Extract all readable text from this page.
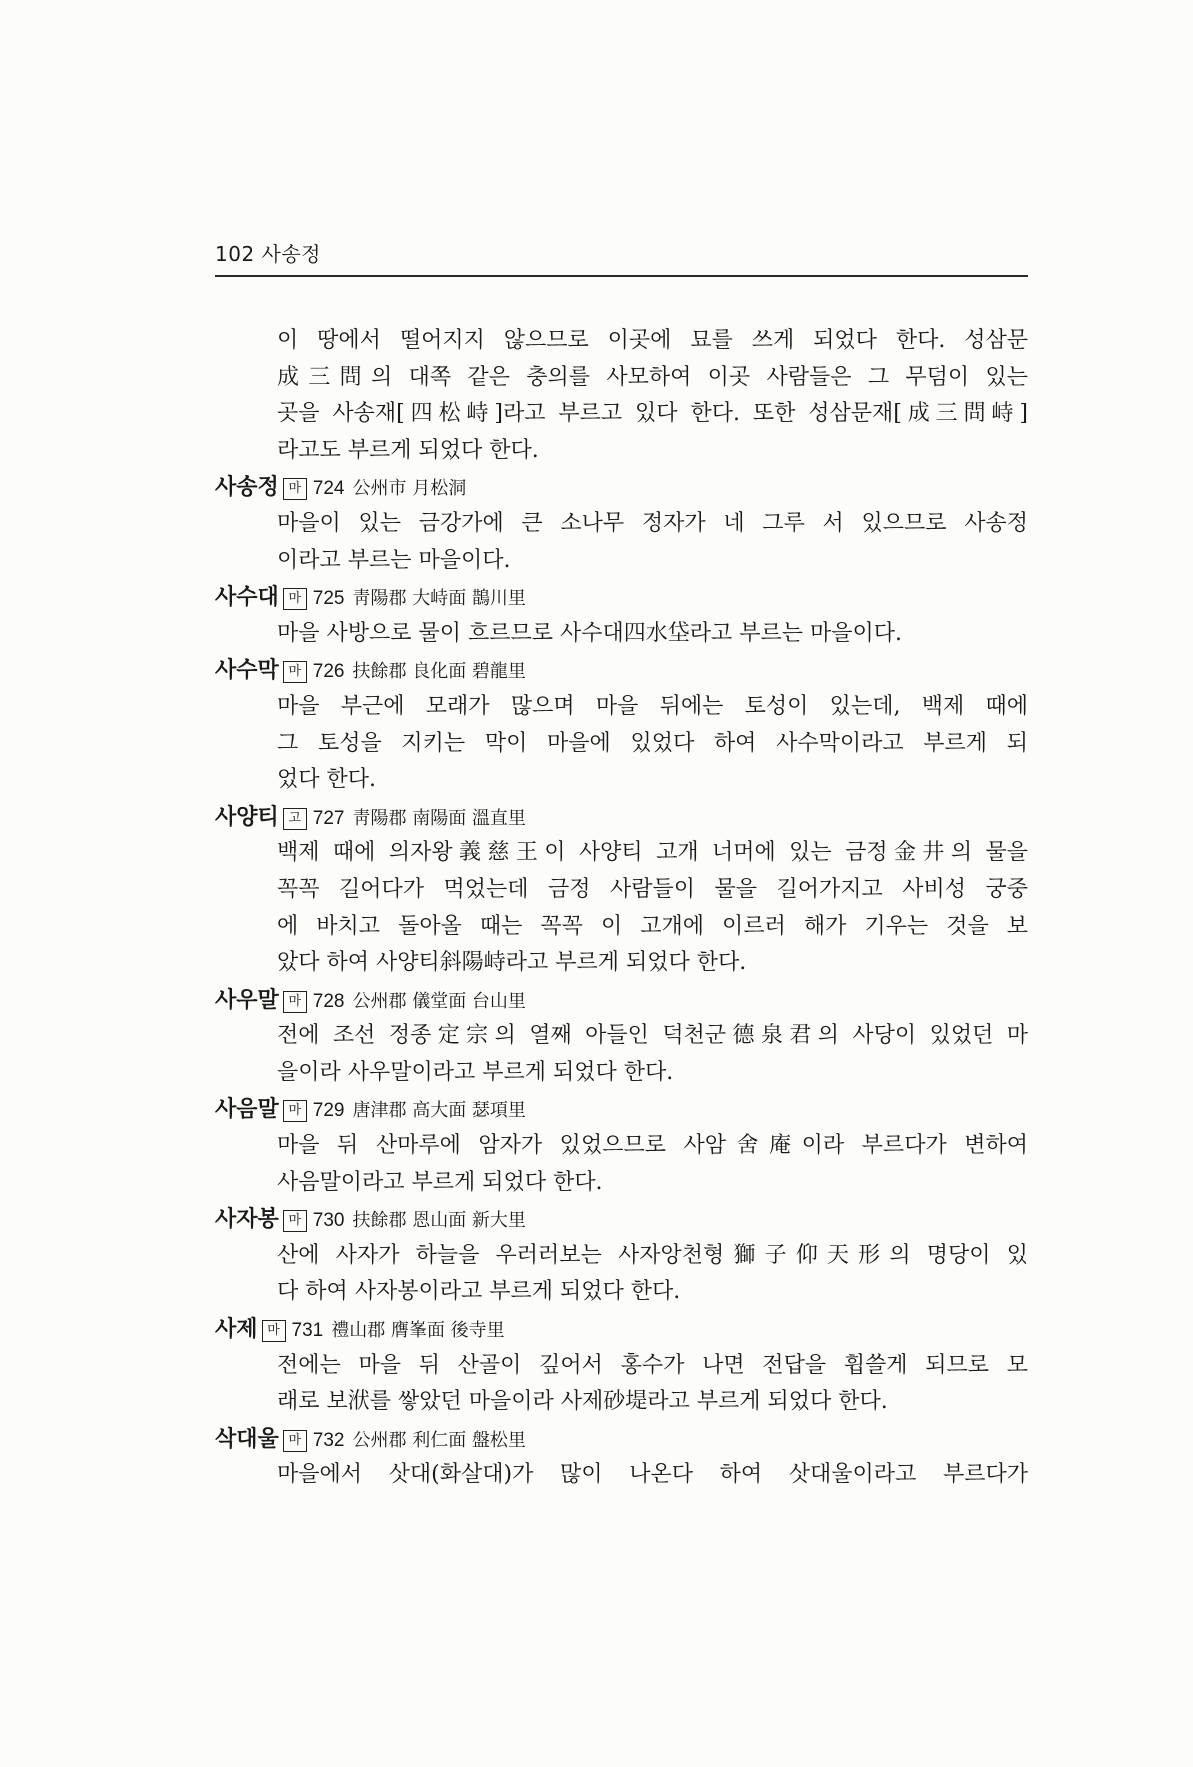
102 사송정
이 땅에서 떨어지지 않으므로 이곳에 묘를 쓰게 되었다 한다. 성삼문
成三問의 대쪽 같은 충의를 사모하여 이곳 사람들은 그 무덤이 있는
곳을 사송재[四松峙]라고 부르고 있다 한다. 또한 성삼문재[成三問峙]
라고도 부르게 되었다 한다.
사송정 마 724 公州市 月松洞
마을이 있는 금강가에 큰 소나무 정자가 네 그루 서 있으므로 사송정
이라고 부르는 마을이다.
사수대 마 725 靑陽郡 大峙面 鵲川里
마을 사방으로 물이 흐르므로 사수대四水垈라고 부르는 마을이다.
사수막 마 726 扶餘郡 良化面 碧龍里
마을 부근에 모래가 많으며 마을 뒤에는 토성이 있는데, 백제 때에
그 토성을 지키는 막이 마을에 있었다 하여 사수막이라고 부르게 되
었다 한다.
사양티 고 727 靑陽郡 南陽面 溫直里
백제 때에 의자왕義慈王이 사양티 고개 너머에 있는 금정金井의 물을
꼭꼭 길어다가 먹었는데 금정 사람들이 물을 길어가지고 사비성 궁중
에 바치고 돌아올 때는 꼭꼭 이 고개에 이르러 해가 기우는 것을 보
았다 하여 사양티斜陽峙라고 부르게 되었다 한다.
사우말 마 728 公州郡 儀堂面 台山里
전에 조선 정종定宗의 열째 아들인 덕천군德泉君의 사당이 있었던 마
을이라 사우말이라고 부르게 되었다 한다.
사음말 마 729 唐津郡 高大面 瑟項里
마을 뒤 산마루에 암자가 있었으므로 사암舍庵이라 부르다가 변하여
사음말이라고 부르게 되었다 한다.
사자봉 마 730 扶餘郡 恩山面 新大里
산에 사자가 하늘을 우러러보는 사자앙천형獅子仰天形의 명당이 있
다 하여 사자봉이라고 부르게 되었다 한다.
사제 마 731 禮山郡 膺峯面 後寺里
전에는 마을 뒤 산골이 깊어서 홍수가 나면 전답을 휩쓸게 되므로 모
래로 보洑를 쌓았던 마을이라 사제砂堤라고 부르게 되었다 한다.
삭대울 마 732 公州郡 利仁面 盤松里
마을에서 삿대(화살대)가 많이 나온다 하여 삿대울이라고 부르다가
